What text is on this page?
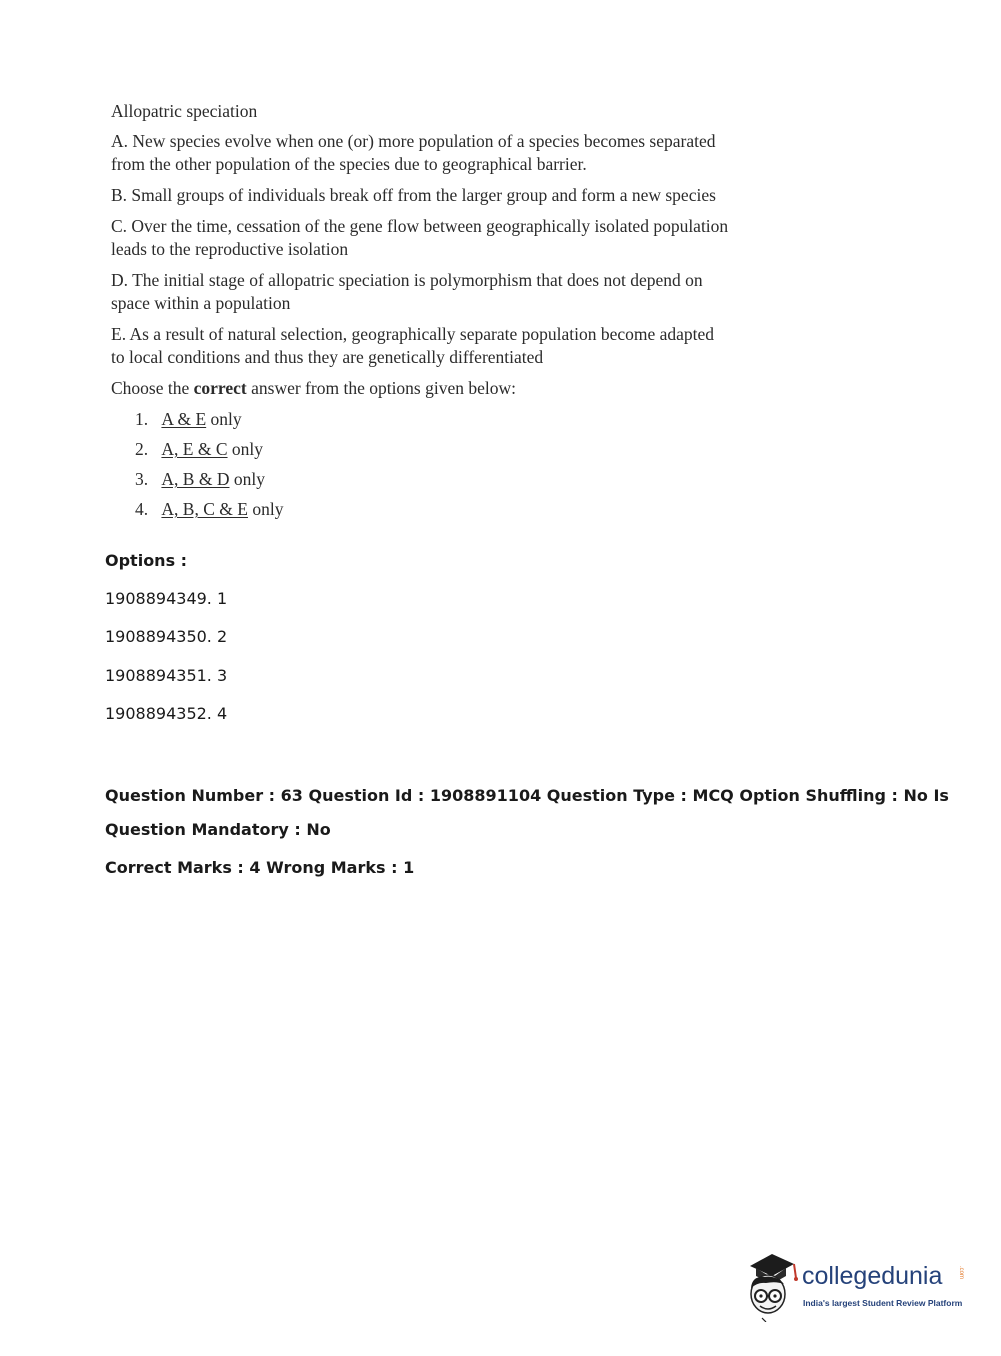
Allopatric speciation

A. New species evolve when one (or) more population of a species becomes separated from the other population of the species due to geographical barrier.

B. Small groups of individuals break off from the larger group and form a new species

C. Over the time, cessation of the gene flow between geographically isolated population leads to the reproductive isolation

D. The initial stage of allopatric speciation is polymorphism that does not depend on space within a population

E. As a result of natural selection, geographically separate population become adapted to local conditions and thus they are genetically differentiated

Choose the correct answer from the options given below:

1. A & E only
2. A, E & C only
3. A, B & D only
4. A, B, C & E only
Options :
1908894349. 1
1908894350. 2
1908894351. 3
1908894352. 4
Question Number : 63 Question Id : 1908891104 Question Type : MCQ Option Shuffling : No Is
Question Mandatory : No
Correct Marks : 4 Wrong Marks : 1
collegedunia	.com
India's largest Student Review Platform
